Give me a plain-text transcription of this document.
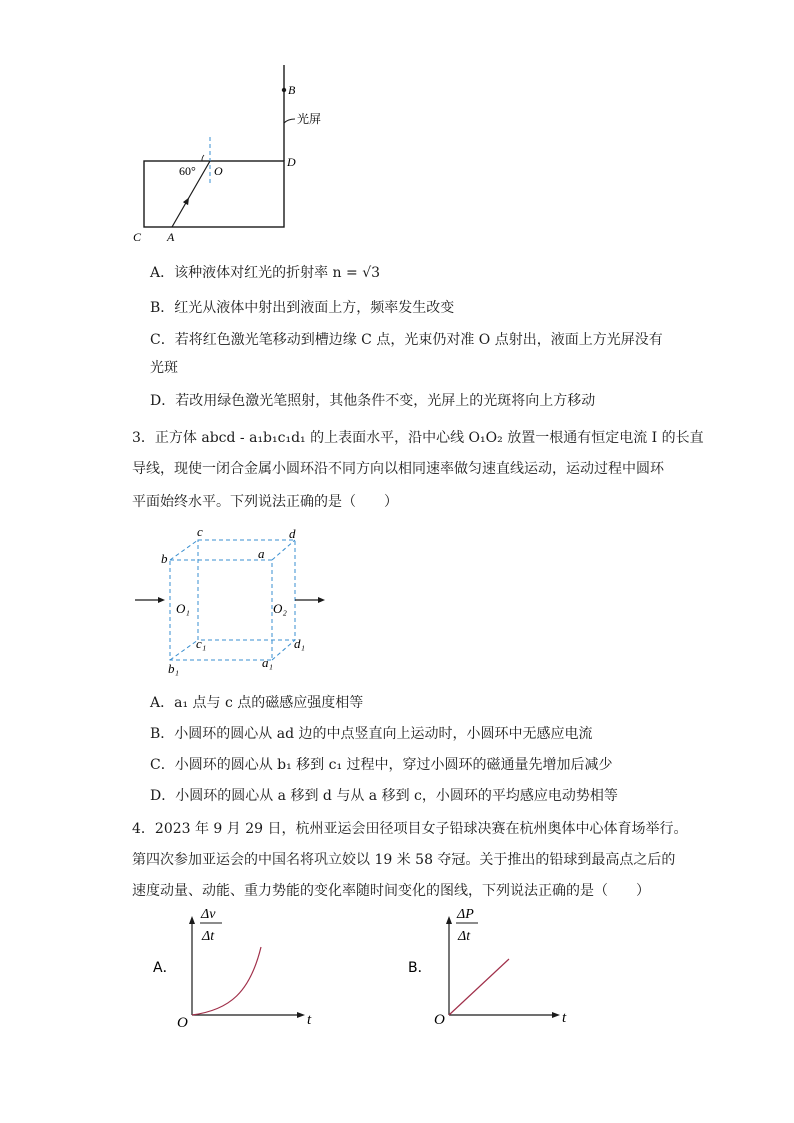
B
光屏
D
60° O
C A
A．该种液体对红光的折射率 n = √3
B．红光从液体中射出到液面上方，频率发生改变
C．若将红色激光笔移动到槽边缘 C 点，光束仍对准 O 点射出，液面上方光屏没有
光斑
D．若改用绿色激光笔照射，其他条件不变，光屏上的光斑将向上方移动
3．正方体 abcd - a₁b₁c₁d₁ 的上表面水平，沿中心线 O₁O₂ 放置一根通有恒定电流 I 的长直
导线，现使一闭合金属小圆环沿不同方向以相同速率做匀速直线运动，运动过程中圆环
平面始终水平。下列说法正确的是（　　）
c	d
b	a
O₁	O₂
c₁	d₁
b₁	a₁
A．a₁ 点与 c 点的磁感应强度相等
B．小圆环的圆心从 ad 边的中点竖直向上运动时，小圆环中无感应电流
C．小圆环的圆心从 b₁ 移到 c₁ 过程中，穿过小圆环的磁通量先增加后减少
D．小圆环的圆心从 a 移到 d 与从 a 移到 c，小圆环的平均感应电动势相等
4．2023 年 9 月 29 日，杭州亚运会田径项目女子铅球决赛在杭州奥体中心体育场举行。
第四次参加亚运会的中国名将巩立姣以 19 米 58 夺冠。关于推出的铅球到最高点之后的
速度动量、动能、重力势能的变化率随时间变化的图线，下列说法正确的是（　　）
A．
Δv
Δt
O	t
B．
ΔP
Δt
O	t
